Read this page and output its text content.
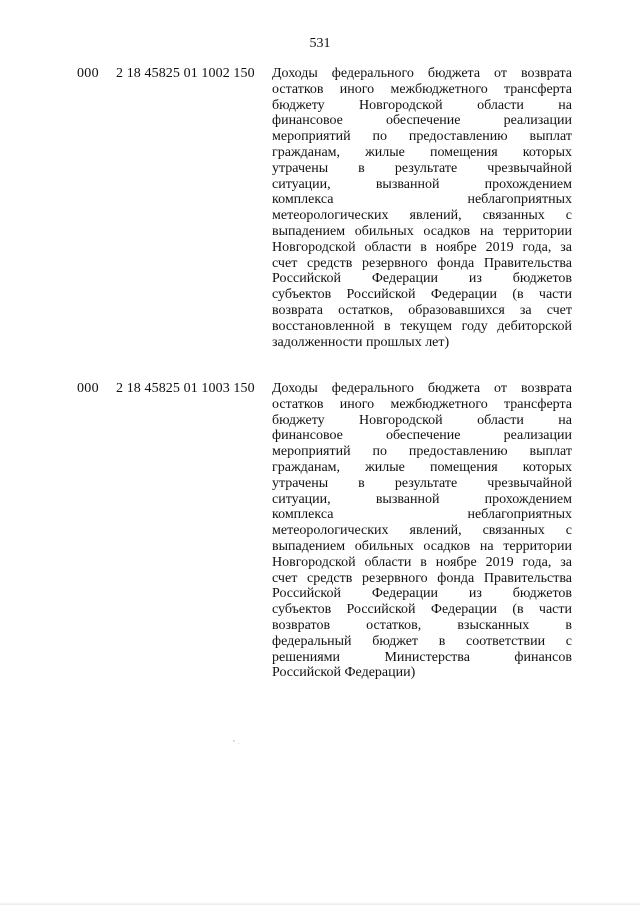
531
000 2 18 45825 01 1002 150 Доходы федерального бюджета от возврата
остатков иного межбюджетного трансферта
бюджету Новгородской области на
финансовое обеспечение реализации
мероприятий по предоставлению выплат
гражданам, жилые помещения которых
утрачены в результате чрезвычайной
ситуации, вызванной прохождением
комплекса неблагоприятных
метеорологических явлений, связанных с
выпадением обильных осадков на территории
Новгородской области в ноябре 2019 года, за
счет средств резервного фонда Правительства
Российской Федерации из бюджетов
субъектов Российской Федерации (в части
возврата остатков, образовавшихся за счет
восстановленной в текущем году дебиторской
задолженности прошлых лет)
000 2 18 45825 01 1003 150 Доходы федерального бюджета от возврата
остатков иного межбюджетного трансферта
бюджету Новгородской области на
финансовое обеспечение реализации
мероприятий по предоставлению выплат
гражданам, жилые помещения которых
утрачены в результате чрезвычайной
ситуации, вызванной прохождением
комплекса неблагоприятных
метеорологических явлений, связанных с
выпадением обильных осадков на территории
Новгородской области в ноябре 2019 года, за
счет средств резервного фонда Правительства
Российской Федерации из бюджетов
субъектов Российской Федерации (в части
возвратов остатков, взысканных в
федеральный бюджет в соответствии с
решениями Министерства финансов
Российской Федерации)
